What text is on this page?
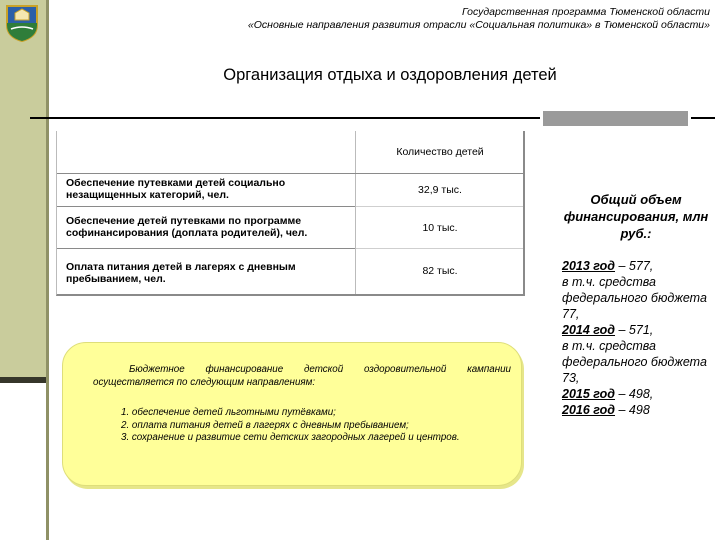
Государственная программа Тюменской области
«Основные направления развития отрасли «Социальная политика» в Тюменской области»
Организация отдыха и оздоровления детей
Количество детей
Обеспечение путевками детей социально незащищенных категорий, чел.	32,9 тыс.
Обеспечение детей путевками по программе софинансирования (доплата родителей), чел.	10 тыс.
Оплата питания детей в лагерях с дневным пребыванием, чел.
82 тыс.
Бюджетное финансирование детской оздоровительной кампании осуществляется по следующим направлениям:
1. обеспечение детей льготными путёвками;
2. оплата питания детей в лагерях с дневным пребыванием;
3. сохранение и развитие сети детских загородных лагерей и центров.
Общий объем финансирования, млн руб.:
2013 год – 577,
в т.ч. средства федерального бюджета 77,
2014 год – 571,
в т.ч. средства федерального бюджета 73,
2015 год – 498,
2016 год – 498
